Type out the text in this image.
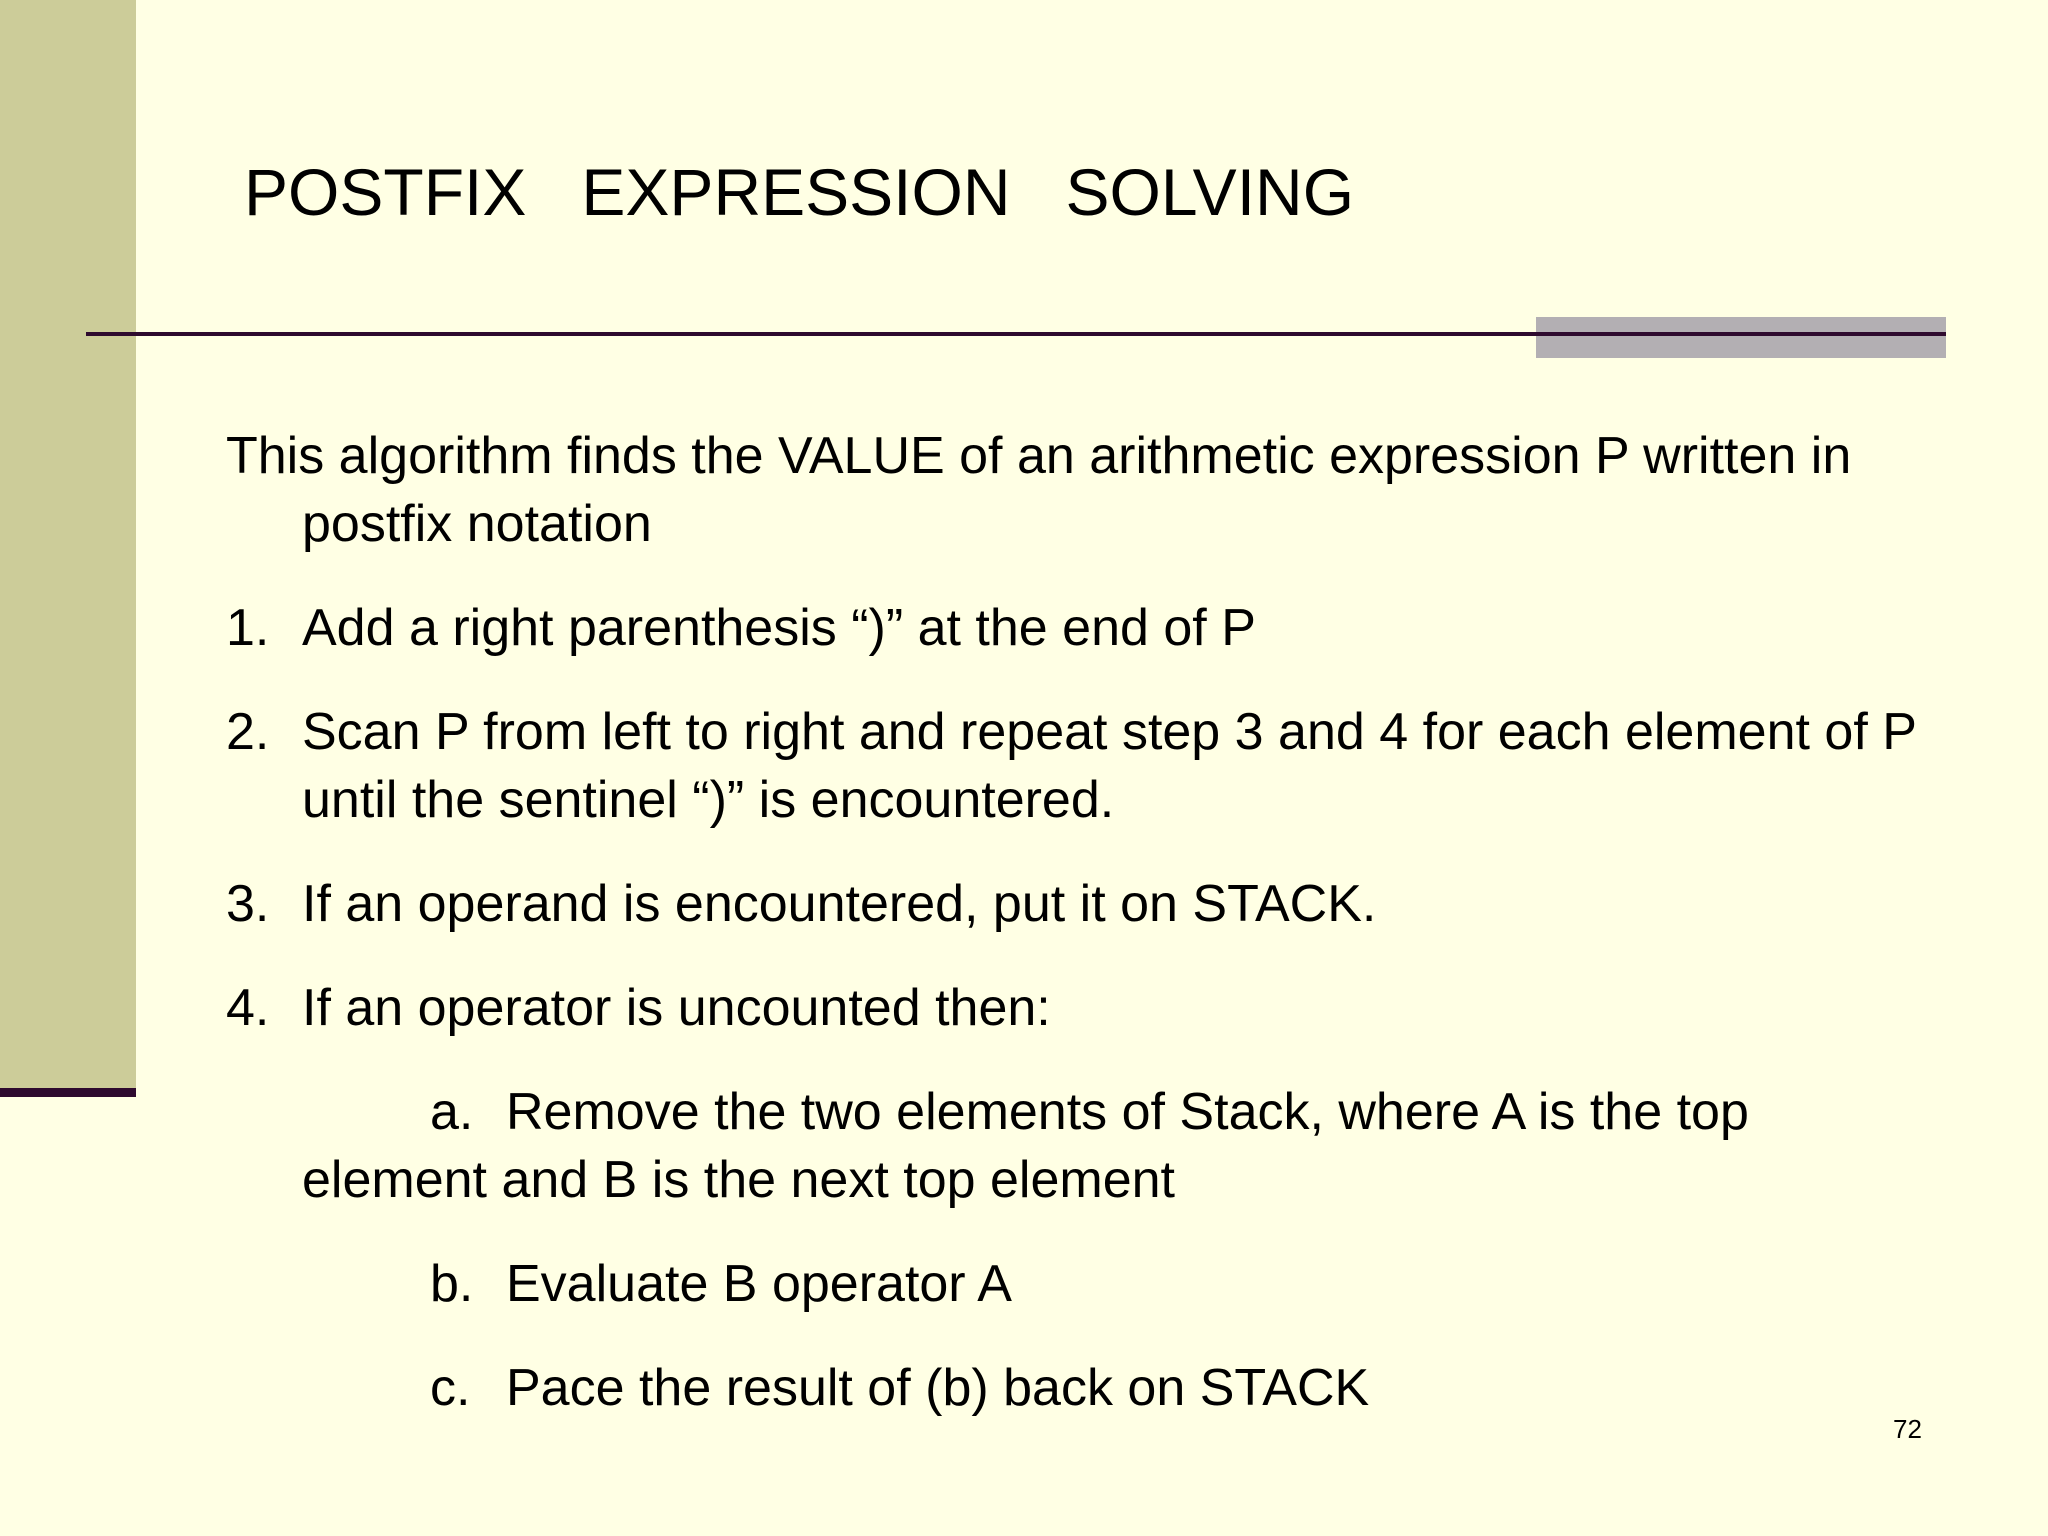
POSTFIX   EXPRESSION   SOLVING

This algorithm finds the VALUE of an arithmetic expression P written in postfix notation

1. Add a right parenthesis “)” at the end of P

2. Scan P from left to right and repeat step 3 and 4 for each element of P until the sentinel “)” is encountered.

3. If an operand is encountered, put it on STACK.

4. If an operator is uncounted then:

a. Remove the two elements of Stack, where A is the top
element and B is the next top element
b. Evaluate B operator A
c. Pace the result of (b) back on STACK
72
